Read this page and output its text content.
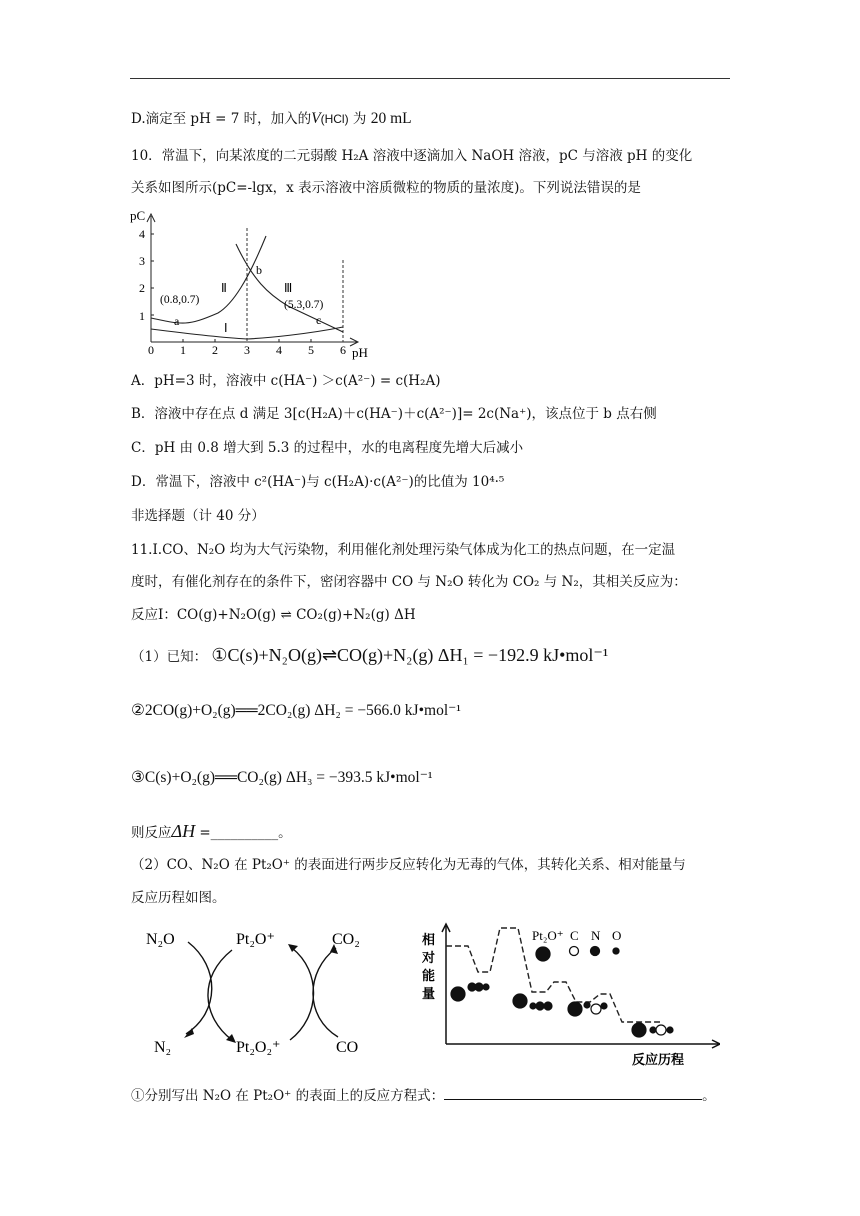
D.滴定至 pH = 7 时，加入的V(HCl) 为 20 mL
10．常温下，向某浓度的二元弱酸 H₂A 溶液中逐滴加入 NaOH 溶液，pC 与溶液 pH 的变化
关系如图所示(pC=-lgx，x 表示溶液中溶质微粒的物质的量浓度)。下列说法错误的是
pC
pH
1
2
3
4
0 1 2 3 4 5 6
a
b
c
(0.8,0.7)	(5.3,0.7)
Ⅰ
Ⅱ	Ⅲ
A．pH=3 时，溶液中 c(HA⁻) ＞c(A²⁻) = c(H₂A)
B．溶液中存在点 d 满足 3[c(H₂A)＋c(HA⁻)＋c(A²⁻)]= 2c(Na⁺)，该点位于 b 点右侧
C．pH 由 0.8 增大到 5.3 的过程中，水的电离程度先增大后减小
D．常温下，溶液中 c²(HA⁻)与 c(H₂A)·c(A²⁻)的比值为 10⁴·⁵
非选择题（计 40 分）
11.Ⅰ.CO、N₂O 均为大气污染物，利用催化剂处理污染气体成为化工的热点问题，在一定温
度时，有催化剂存在的条件下，密闭容器中 CO 与 N₂O 转化为 CO₂ 与 N₂，其相关反应为：
反应Ⅰ：CO(g)+N₂O(g) ⇌ CO₂(g)+N₂(g) ΔH
（1）已知： ①C(s)+N₂O(g)⇌CO(g)+N₂(g) ΔH₁ = −192.9 kJ•mol⁻¹
②2CO(g)+O₂(g)══2CO₂(g) ΔH₂ = −566.0 kJ•mol⁻¹
③C(s)+O₂(g)══CO₂(g) ΔH₃ = −393.5 kJ•mol⁻¹
则反应ΔH =__________。
（2）CO、N₂O 在 Pt₂O⁺ 的表面进行两步反应转化为无毒的气体，其转化关系、相对能量与
反应历程如图。
N₂O	Pt₂O⁺	CO₂
N₂	Pt₂O₂⁺	CO
相
对
能
量
反应历程
Pt₂O⁺ C N O
①分别写出 N₂O 在 Pt₂O⁺ 的表面上的反应方程式：	。
